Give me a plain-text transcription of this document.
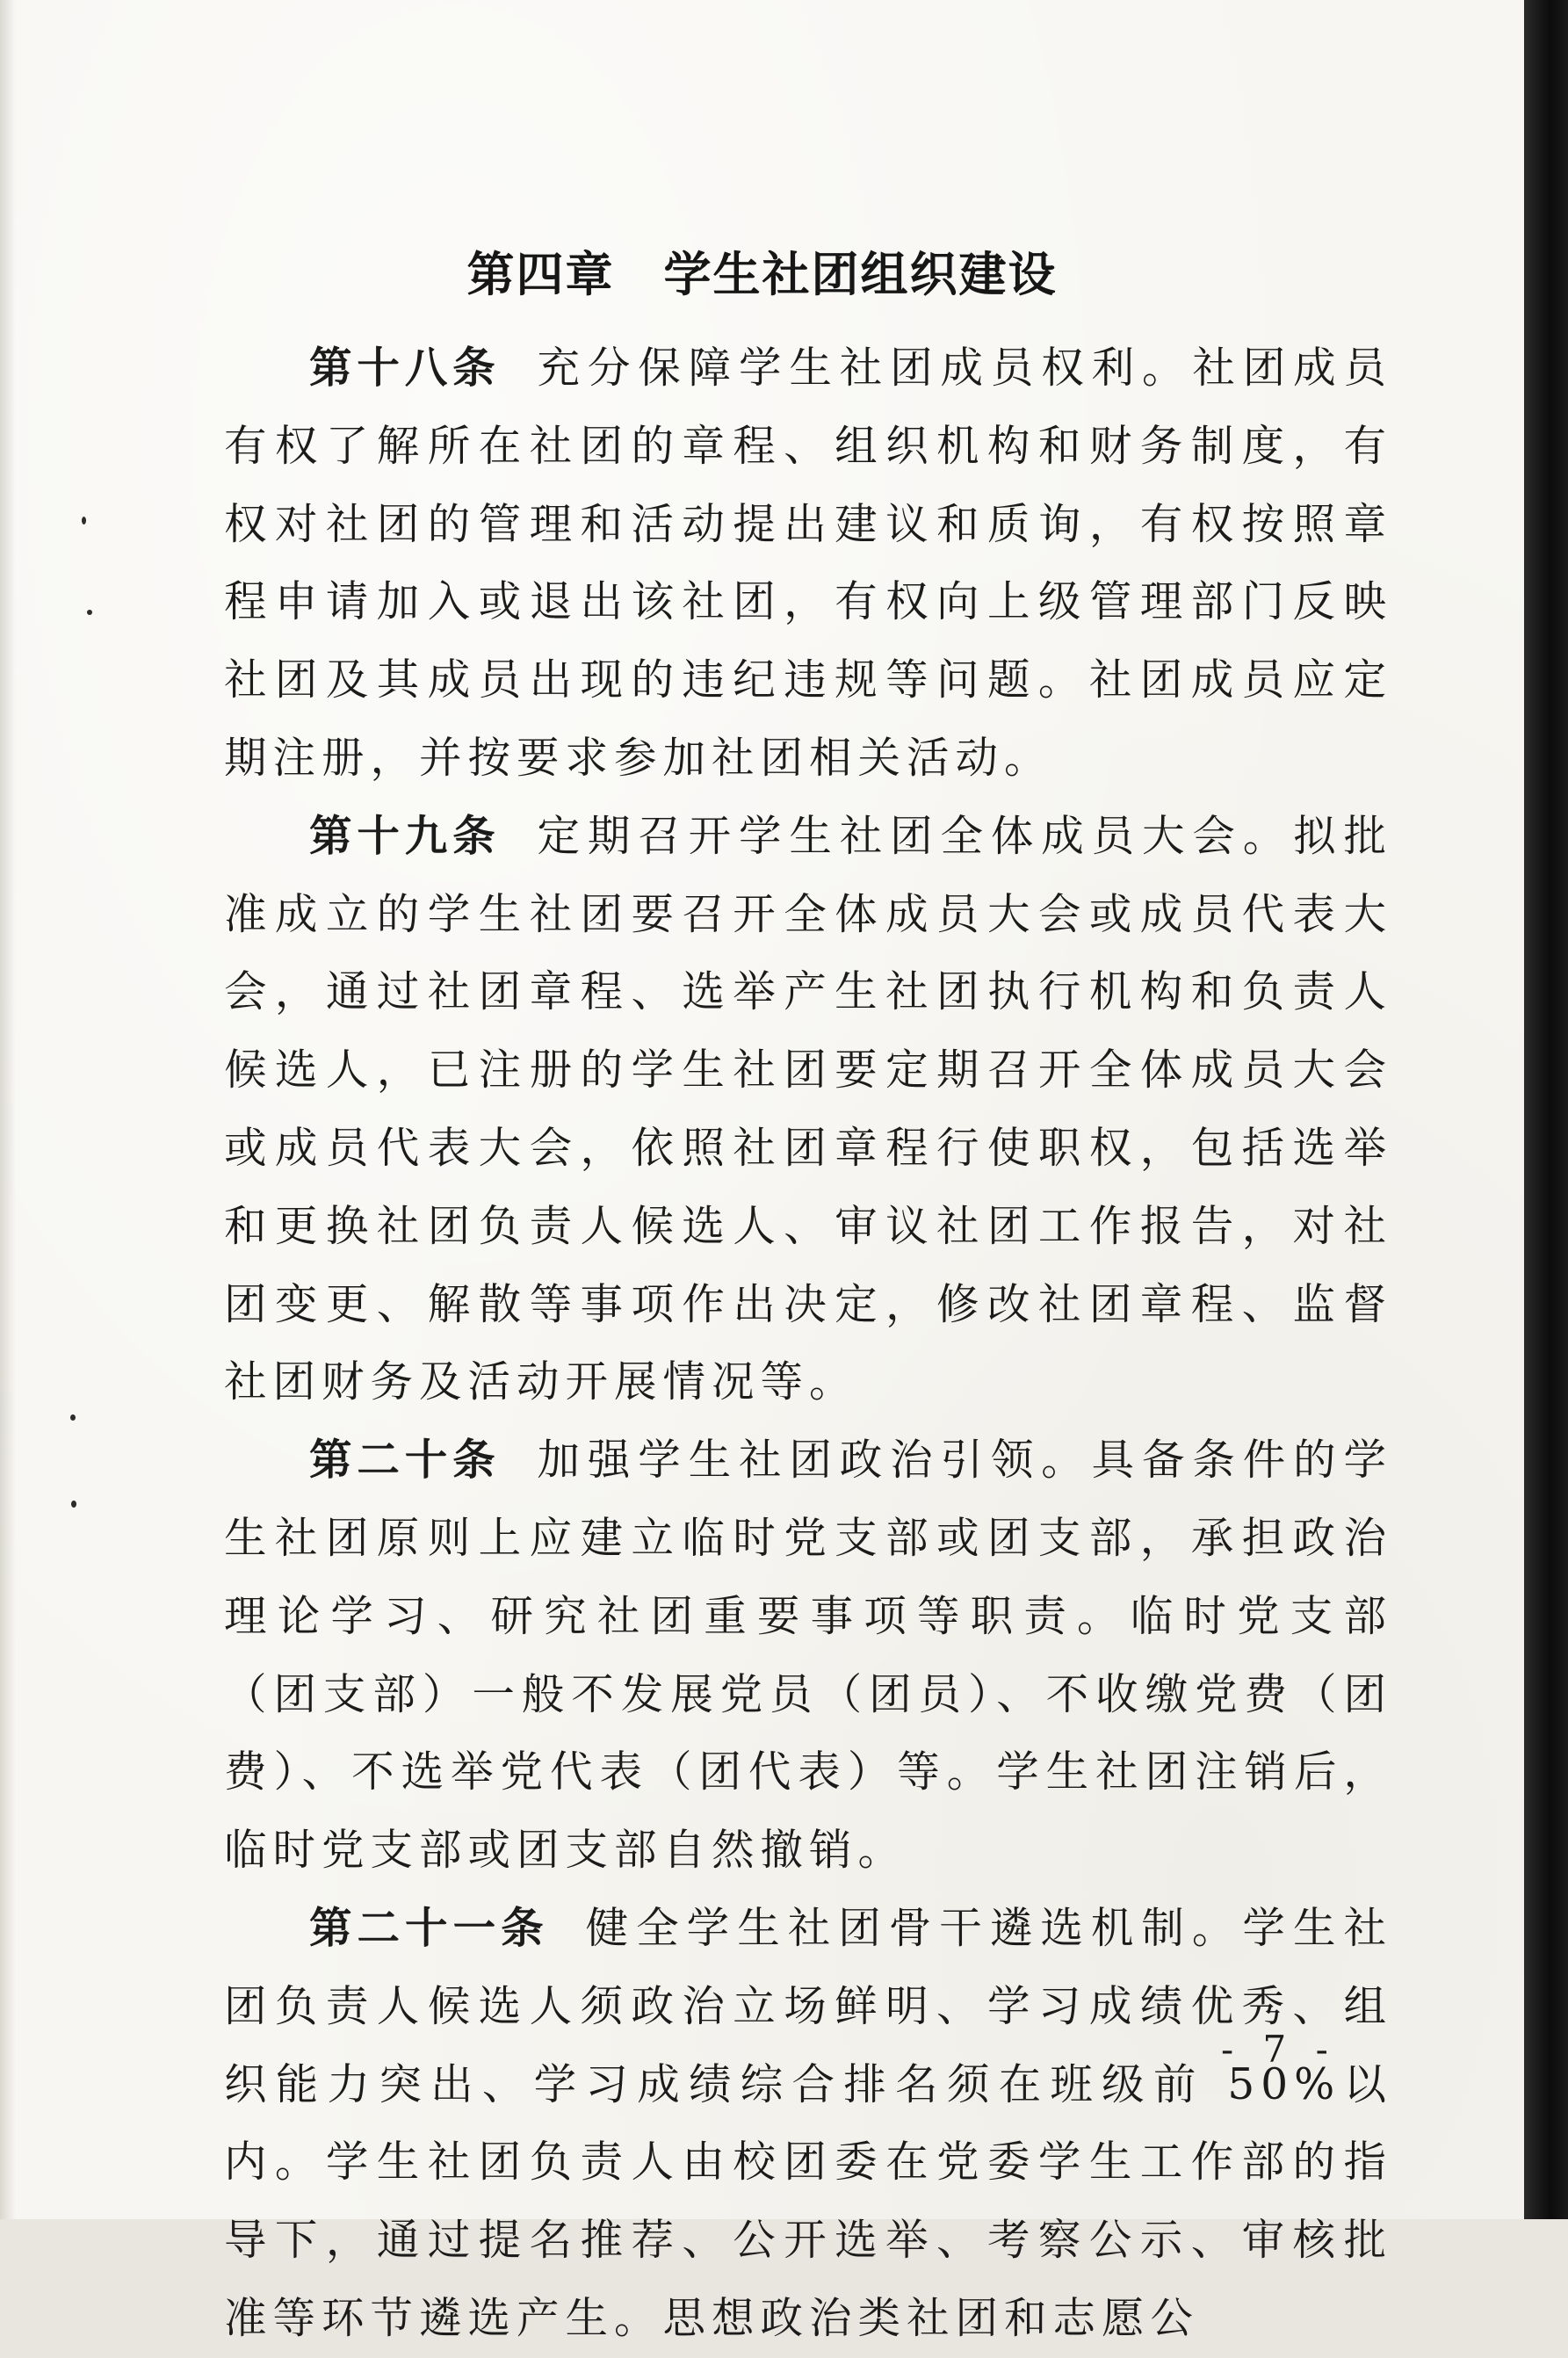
第四章　学生社团组织建设

第十八条 充分保障学生社团成员权利。社团成员有权了解所在社团的章程、组织机构和财务制度，有权对社团的管理和活动提出建议和质询，有权按照章程申请加入或退出该社团，有权向上级管理部门反映社团及其成员出现的违纪违规等问题。社团成员应定期注册，并按要求参加社团相关活动。

第十九条 定期召开学生社团全体成员大会。拟批准成立的学生社团要召开全体成员大会或成员代表大会，通过社团章程、选举产生社团执行机构和负责人候选人，已注册的学生社团要定期召开全体成员大会或成员代表大会，依照社团章程行使职权，包括选举和更换社团负责人候选人、审议社团工作报告，对社团变更、解散等事项作出决定，修改社团章程、监督社团财务及活动开展情况等。

第二十条 加强学生社团政治引领。具备条件的学生社团原则上应建立临时党支部或团支部，承担政治理论学习、研究社团重要事项等职责。临时党支部（团支部）一般不发展党员（团员）、不收缴党费（团费）、不选举党代表（团代表）等。学生社团注销后，临时党支部或团支部自然撤销。

第二十一条 健全学生社团骨干遴选机制。学生社团负责人候选人须政治立场鲜明、学习成绩优秀、组织能力突出、学习成绩综合排名须在班级前 50%以内。学生社团负责人由校团委在党委学生工作部的指导下，通过提名推荐、公开选举、考察公示、审核批准等环节遴选产生。思想政治类社团和志愿公

- 7 -
